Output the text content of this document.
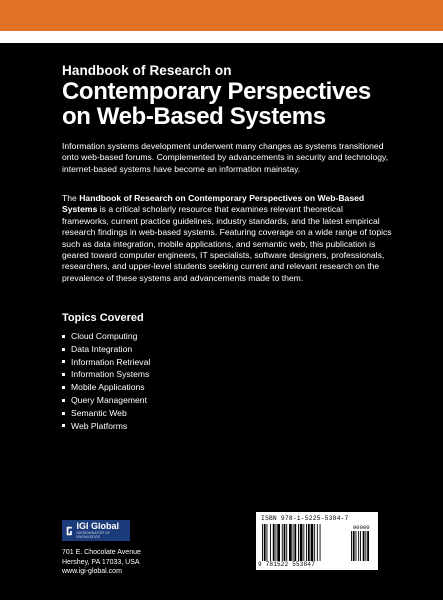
Handbook of Research on
Contemporary Perspectives
on Web-Based Systems
Information systems development underwent many changes as systems transitioned onto web-based forums. Complemented by advancements in security and technology, internet-based systems have become an information mainstay.
The Handbook of Research on Contemporary Perspectives on Web-Based Systems is a critical scholarly resource that examines relevant theoretical frameworks, current practice guidelines, industry standards, and the latest empirical research findings in web-based systems. Featuring coverage on a wide range of topics such as data integration, mobile applications, and semantic web, this publication is geared toward computer engineers, IT specialists, software designers, professionals, researchers, and upper-level students seeking current and relevant research on the prevalence of these systems and advancements made to them.
Topics Covered
Cloud Computing
Data Integration
Information Retrieval
Information Systems
Mobile Applications
Query Management
Semantic Web
Web Platforms
IGI Global
DISSEMINATOR OF KNOWLEDGE
701 E. Chocolate Avenue
Hershey, PA 17033, USA
www.igi-global.com
ISBN 978-1-5225-5384-7
90000
9 781522 553847
